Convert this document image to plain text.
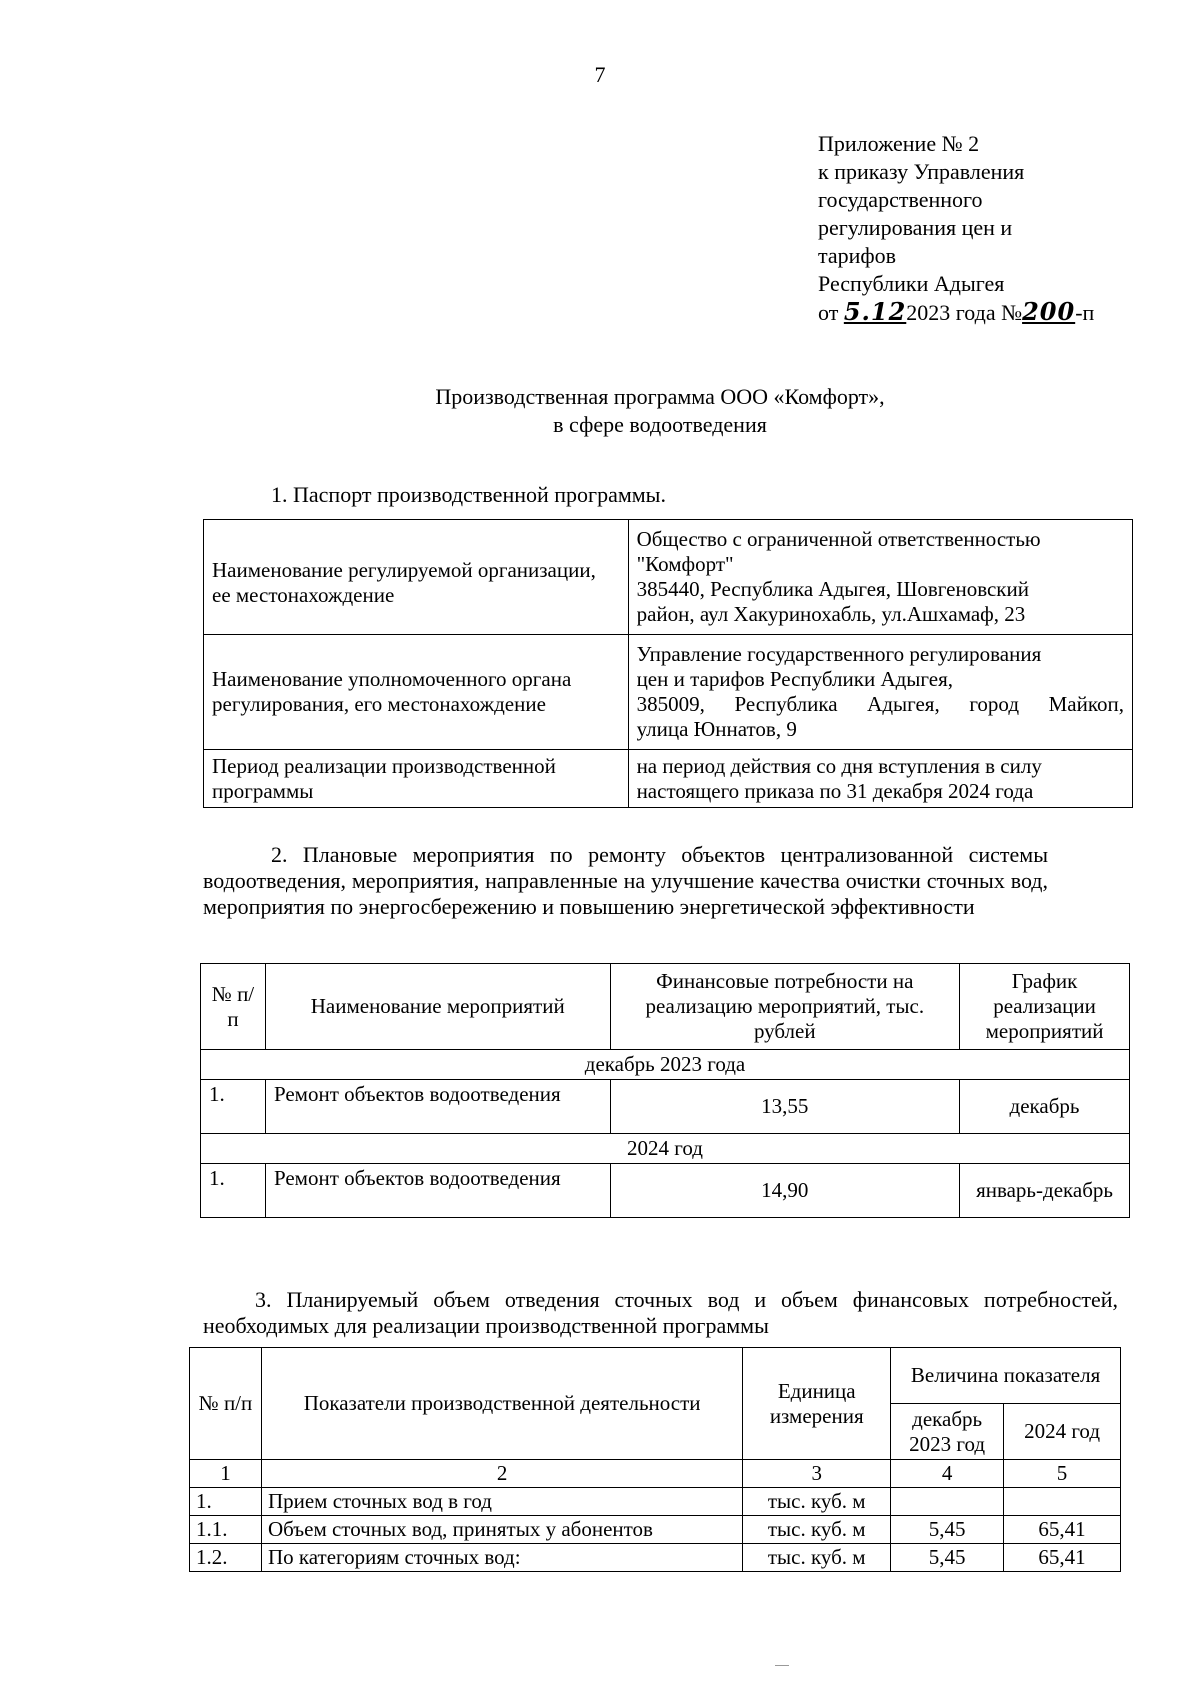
7
Приложение № 2
к приказу Управления
государственного
регулирования цен и
тарифов
Республики Адыгея
от 5.122023 года №200-п
Производственная программа ООО «Комфорт»,
в сфере водоотведения
1. Паспорт производственной программы.
Наименование регулируемой организации, ее местонахождение	Общество с ограниченной ответственностью
"Комфорт"
385440, Республика Адыгея, Шовгеновский
район, аул Хакуринохабль, ул.Ашхамаф, 23

Наименование уполномоченного органа регулирования, его местонахождение	Управление государственного регулирования
цен и тарифов Республики Адыгея,
385009, Республика Адыгея, город Майкоп,
улица Юннатов, 9

Период реализации производственной программы	на период действия со дня вступления в силу
настоящего приказа по 31 декабря 2024 года
2. Плановые мероприятия по ремонту объектов централизованной системы водоотведения, мероприятия, направленные на улучшение качества очистки сточных вод, мероприятия по энергосбережению и повышению энергетической эффективности
№ п/п	Наименование мероприятий	Финансовые потребности на реализацию мероприятий, тыс. рублей	График реализации мероприятий
декабрь 2023 года			
1.	Ремонт объектов водоотведения	13,55	декабрь
2024 год			
1.	Ремонт объектов водоотведения	14,90	январь-декабрь
3. Планируемый объем отведения сточных вод и объем финансовых потребностей, необходимых для реализации производственной программы
№ п/п	Показатели производственной деятельности	Единица измерения	Величина показателя	
			декабрь 2023 год	2024 год
1	2	3	4	5
1.	Прием сточных вод в год	тыс. куб. м		
1.1.	Объем сточных вод, принятых у абонентов	тыс. куб. м	5,45	65,41
1.2.	По категориям сточных вод:	тыс. куб. м	5,45	65,41
